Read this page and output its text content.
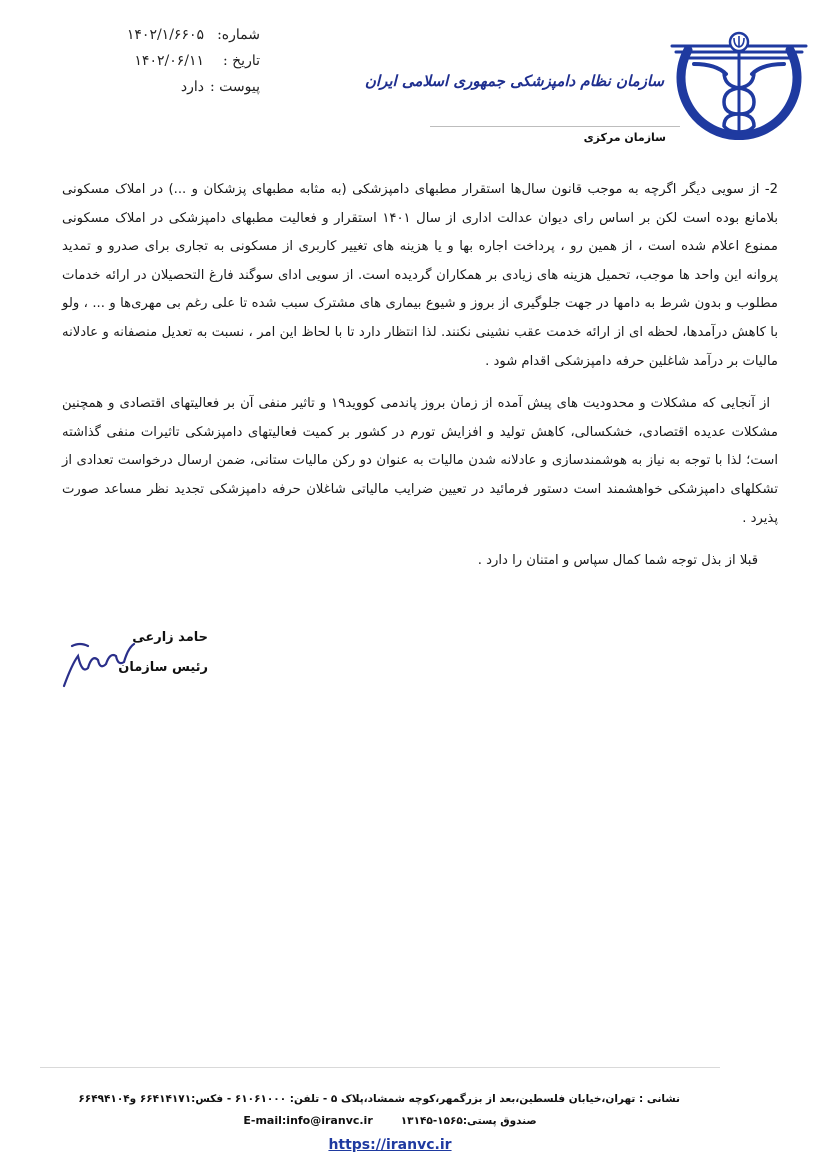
شماره:
۱۴۰۲/۱/۶۶۰۵
تاریخ :
۱۴۰۲/۰۶/۱۱
پیوست :
دارد	سازمان نظام دامپزشکی جمهوری اسلامی ایران
سازمان مرکزی

2- از سویی دیگر اگرچه به موجب قانون سال‌ها استقرار مطبهای دامپزشکی (به مثابه مطبهای پزشکان و ...) در املاک مسکونی بلامانع بوده است لکن بر اساس رای دیوان عدالت اداری از سال ۱۴۰۱ استقرار و فعالیت مطبهای دامپزشکی در املاک مسکونی ممنوع اعلام شده است ، از همین رو ، پرداخت اجاره بها و یا هزینه های تغییر کاربری از مسکونی به تجاری برای صدرو و تمدید پروانه این واحد ها موجب، تحمیل هزینه های زیادی بر همکاران گردیده است. از سویی ادای سوگند فارغ التحصیلان در ارائه خدمات مطلوب و بدون شرط به دامها در جهت جلوگیری از بروز و شیوع بیماری های مشترک سبب شده تا علی رغم بی مهری‌ها و ... ، ولو با کاهش درآمدها، لحظه ای از ارائه خدمت عقب نشینی نکنند. لذا انتظار دارد تا با لحاظ این امر ، نسبت به تعدیل منصفانه و عادلانه مالیات بر درآمد شاغلین حرفه دامپزشکی اقدام شود .

از آنجایی که مشکلات و محدودیت های پیش آمده از زمان بروز پاندمی کووید۱۹ و تاثیر منفی آن بر فعالیتهای اقتصادی و همچنین مشکلات عدیده اقتصادی، خشکسالی، کاهش تولید و افزایش تورم در کشور بر کمیت فعالیتهای دامپزشکی تاثیرات منفی گذاشته است؛ لذا با توجه به نیاز به هوشمندسازی و عادلانه شدن مالیات به عنوان دو رکن مالیات ستانی، ضمن ارسال درخواست تعدادی از تشکلهای دامپزشکی خواهشمند است دستور فرمائید در تعیین ضرایب مالیاتی شاغلان حرفه دامپزشکی تجدید نظر مساعد صورت پذیرد .

قبلا از بذل توجه شما کمال سپاس و امتنان را دارد .

حامد زارعی
رئیس سازمان
نشانی : تهران،خیابان فلسطین،بعد از بزرگمهر،کوچه شمشاد،پلاک ۵ - تلفن: ۶۱۰۶۱۰۰۰ - فکس:۶۶۴۱۴۱۷۱ و۶۶۴۹۴۱۰۴
صندوق پستی:۱۵۶۵-۱۳۱۴۵
E-mail:info@iranvc.ir
https://iranvc.ir
